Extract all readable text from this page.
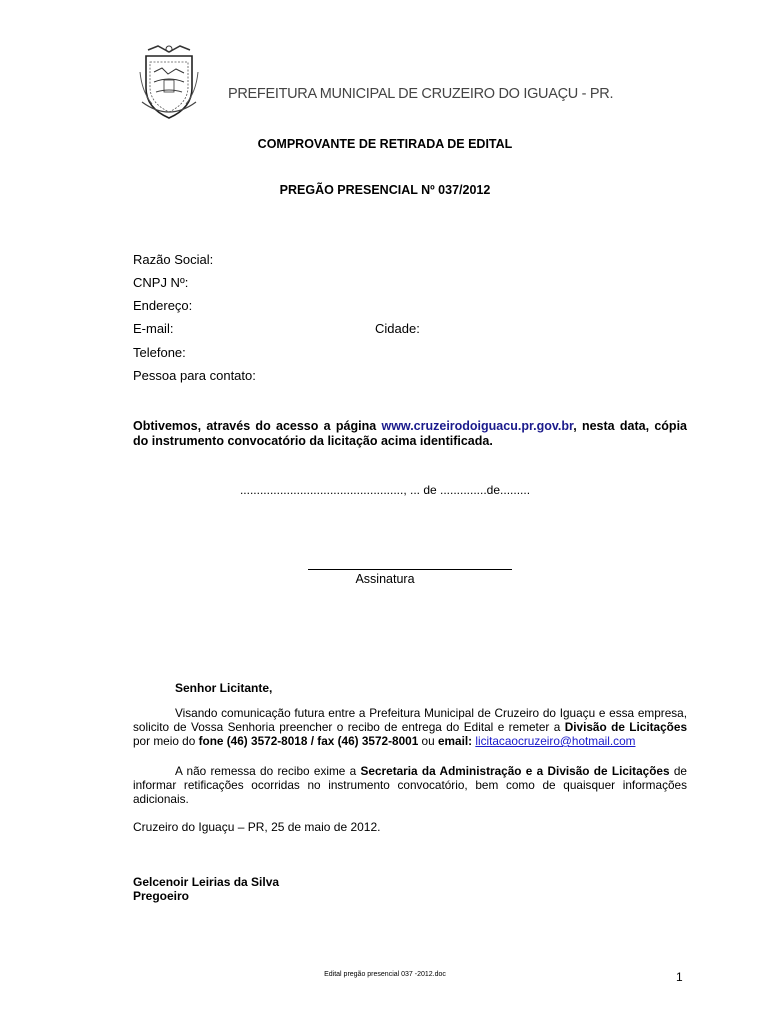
PREFEITURA MUNICIPAL DE CRUZEIRO DO IGUAÇU - PR.
COMPROVANTE DE RETIRADA DE EDITAL
PREGÃO PRESENCIAL Nº 037/2012
Razão Social:
CNPJ Nº:
Endereço:
E-mail:	Cidade:
Telefone:
Pessoa para contato:
Obtivemos, através do acesso a página www.cruzeirodoiguacu.pr.gov.br, nesta data, cópia do instrumento convocatório da licitação acima identificada.
................................................., ... de ..............de.........
Assinatura
Senhor Licitante,
Visando comunicação futura entre a Prefeitura Municipal de Cruzeiro do Iguaçu e essa empresa, solicito de Vossa Senhoria preencher o recibo de entrega do Edital e remeter a Divisão de Licitações por meio do fone (46) 3572-8018 / fax (46) 3572-8001 ou email: licitacaocruzeiro@hotmail.com
A não remessa do recibo exime a Secretaria da Administração e a Divisão de Licitações de informar retificações ocorridas no instrumento convocatório, bem como de quaisquer informações adicionais.
Cruzeiro do Iguaçu – PR, 25 de maio de 2012.
Gelcenoir Leirias da Silva
Pregoeiro
Edital pregão presencial 037 -2012.doc	1
